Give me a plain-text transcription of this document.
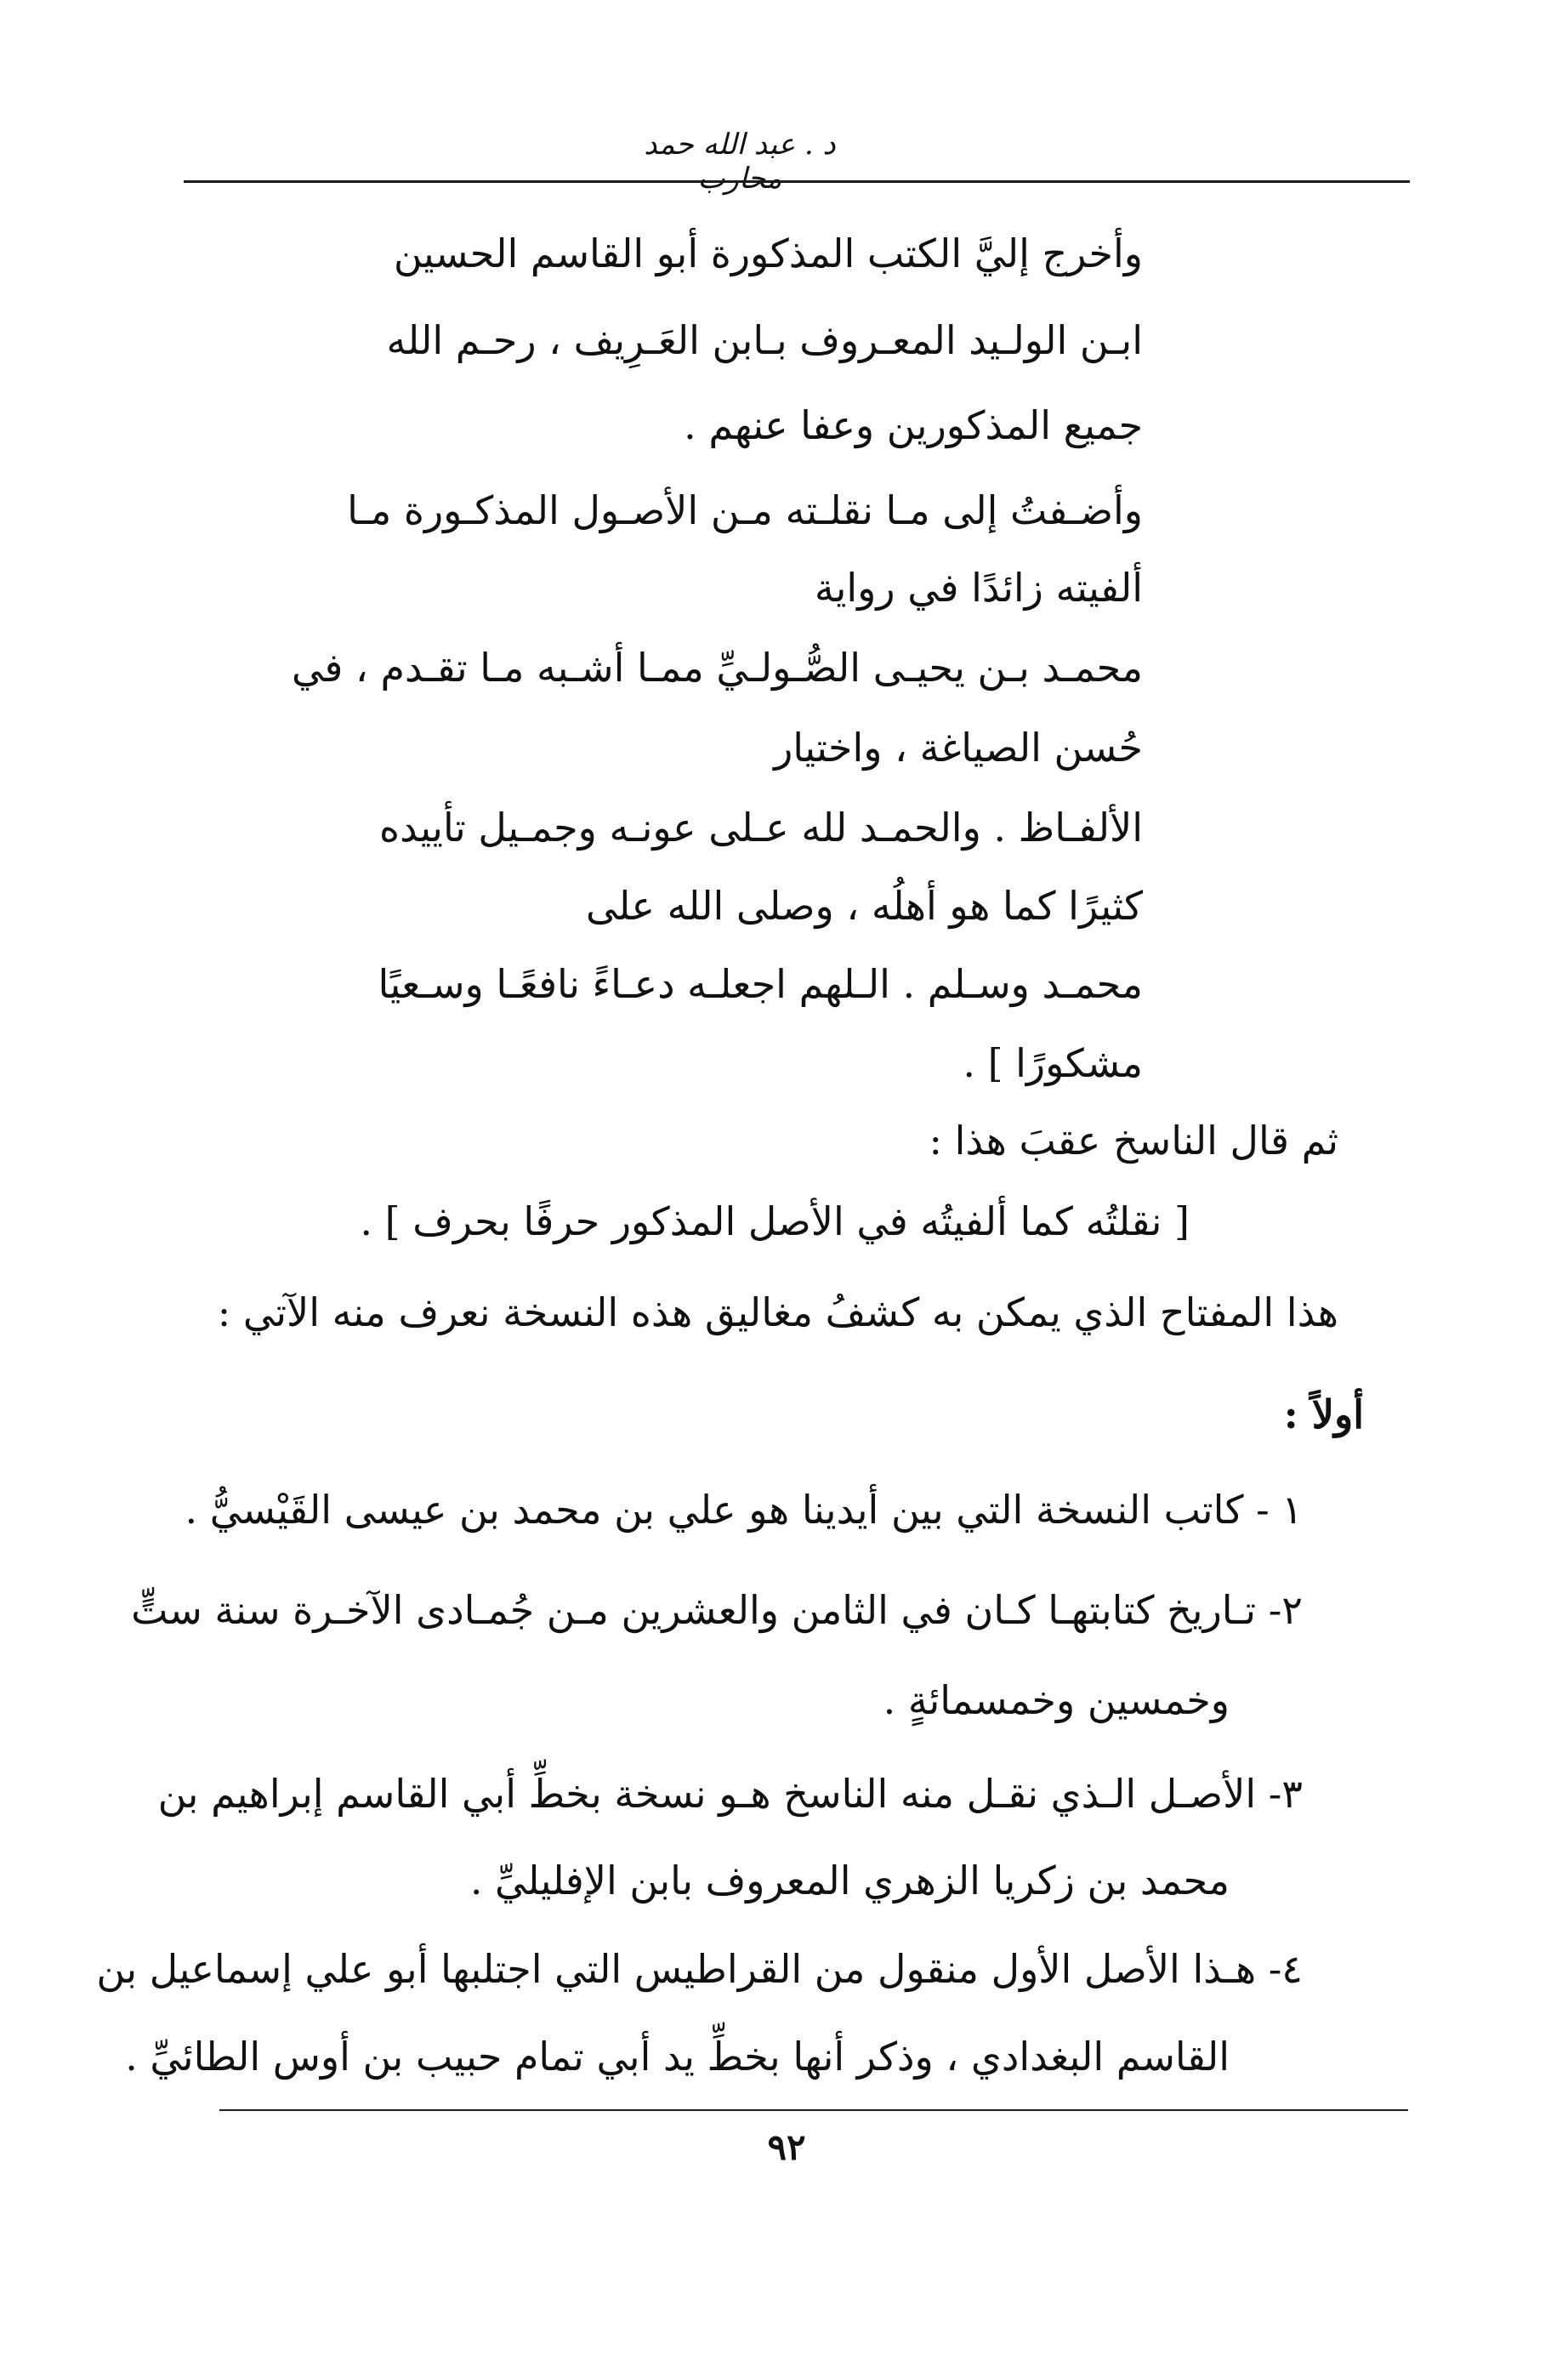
د . عبد الله حمد محارب
وأخرج إليَّ الكتب المذكورة أبو القاسم الحسين
ابـن الولـيد المعـروف بـابن العَـرِيف ، رحـم الله
جميع المذكورين وعفا عنهم .
وأضـفتُ إلى مـا نقلـته مـن الأصـول المذكـورة مـا
ألفيته زائدًا في رواية
محمـد بـن يحيـى الصُّـولـيِّ ممـا أشـبه مـا تقـدم ، في
حُسن الصياغة ، واختيار
الألفـاظ . والحمـد لله عـلى عونـه وجمـيل تأييده
كثيرًا كما هو أهلُه ، وصلى الله على
محمـد وسـلم . الـلهم اجعلـه دعـاءً نافعًـا وسـعيًا
مشكورًا ] .
ثم قال الناسخ عقبَ هذا :
[ نقلتُه كما ألفيتُه في الأصل المذكور حرفًا بحرف ] .
هذا المفتاح الذي يمكن به كشفُ مغاليق هذه النسخة نعرف منه الآتي :
أولاً :
١ - كاتب النسخة التي بين أيدينا هو علي بن محمد بن عيسى القَيْسيُّ .
٢- تـاريخ كتابتهـا كـان في الثامن والعشرين مـن جُمـادى الآخـرة سنة ستٍّ
وخمسين وخمسمائةٍ .
٣- الأصـل الـذي نقـل منه الناسخ هـو نسخة بخطِّ أبي القاسم إبراهيم بن
محمد بن زكريا الزهري المعروف بابن الإفليليِّ .
٤- هـذا الأصل الأول منقول من القراطيس التي اجتلبها أبو علي إسماعيل بن
القاسم البغدادي ، وذكر أنها بخطِّ يد أبي تمام حبيب بن أوس الطائيِّ .
٩٢
